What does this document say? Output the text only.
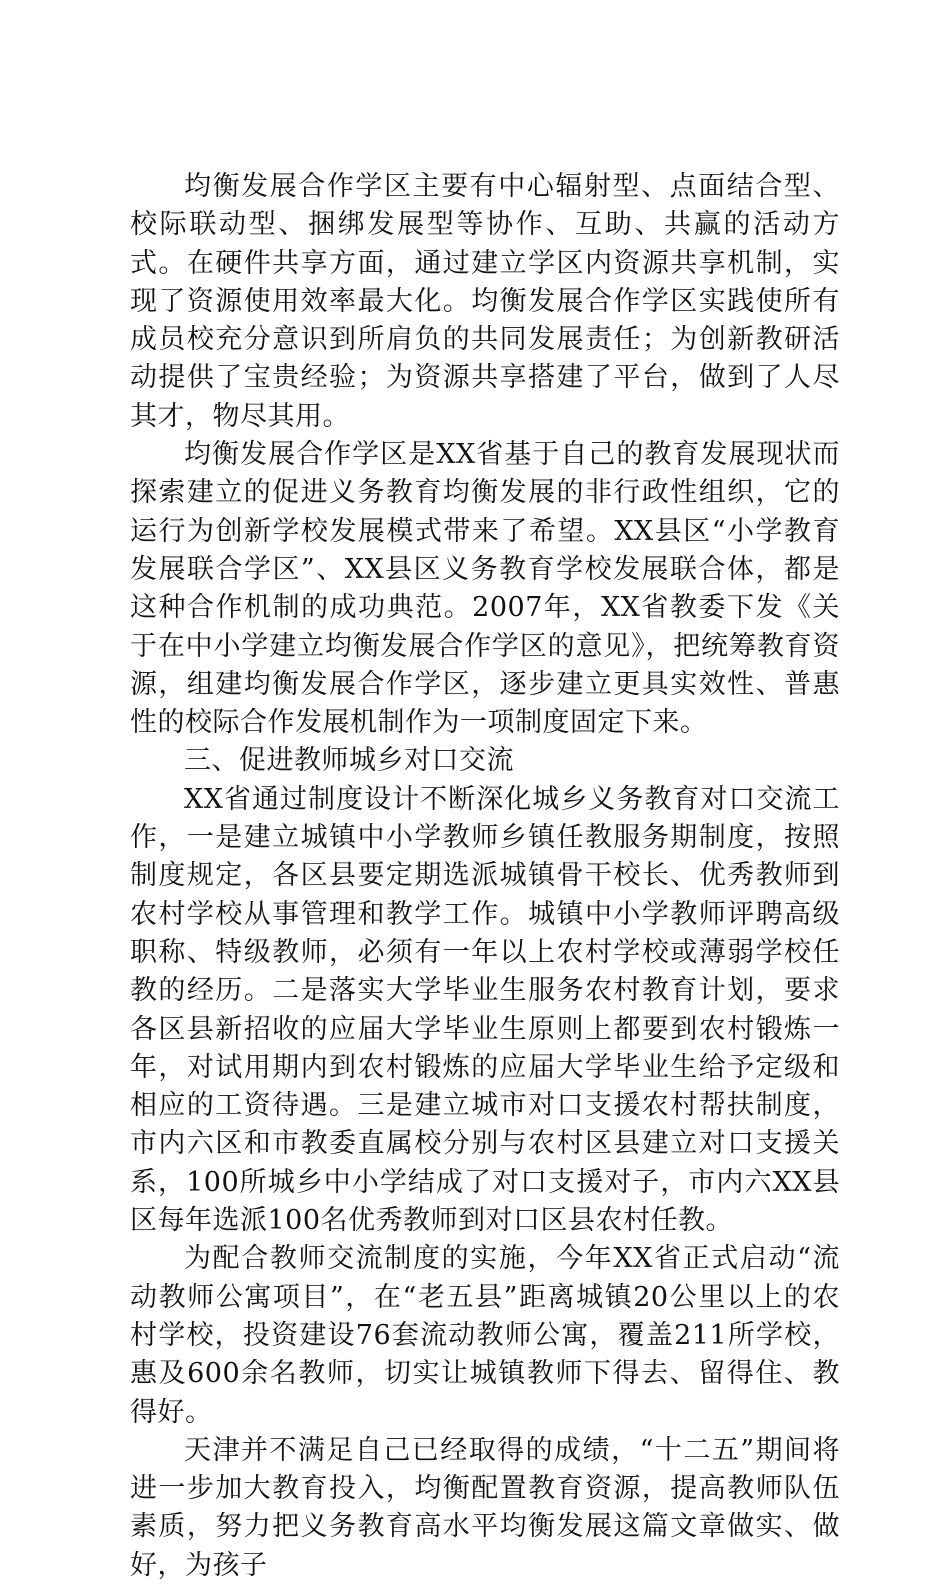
均衡发展合作学区主要有中心辐射型、点面结合型、校际联动型、捆绑发展型等协作、互助、共赢的活动方式。在硬件共享方面，通过建立学区内资源共享机制，实现了资源使用效率最大化。均衡发展合作学区实践使所有成员校充分意识到所肩负的共同发展责任；为创新教研活动提供了宝贵经验；为资源共享搭建了平台，做到了人尽其才，物尽其用。

均衡发展合作学区是XX省基于自己的教育发展现状而探索建立的促进义务教育均衡发展的非行政性组织，它的运行为创新学校发展模式带来了希望。XX县区“小学教育发展联合学区”、XX县区义务教育学校发展联合体，都是这种合作机制的成功典范。2007年，XX省教委下发《关于在中小学建立均衡发展合作学区的意见》，把统筹教育资源，组建均衡发展合作学区，逐步建立更具实效性、普惠性的校际合作发展机制作为一项制度固定下来。

三、促进教师城乡对口交流

XX省通过制度设计不断深化城乡义务教育对口交流工作，一是建立城镇中小学教师乡镇任教服务期制度，按照制度规定，各区县要定期选派城镇骨干校长、优秀教师到农村学校从事管理和教学工作。城镇中小学教师评聘高级职称、特级教师，必须有一年以上农村学校或薄弱学校任教的经历。二是落实大学毕业生服务农村教育计划，要求各区县新招收的应届大学毕业生原则上都要到农村锻炼一年，对试用期内到农村锻炼的应届大学毕业生给予定级和相应的工资待遇。三是建立城市对口支援农村帮扶制度，市内六区和市教委直属校分别与农村区县建立对口支援关系，100所城乡中小学结成了对口支援对子，市内六XX县区每年选派100名优秀教师到对口区县农村任教。

为配合教师交流制度的实施，今年XX省正式启动“流动教师公寓项目”，在“老五县”距离城镇20公里以上的农村学校，投资建设76套流动教师公寓，覆盖211所学校，惠及600余名教师，切实让城镇教师下得去、留得住、教得好。

天津并不满足自己已经取得的成绩，“十二五”期间将进一步加大教育投入，均衡配置教育资源，提高教师队伍素质，努力把义务教育高水平均衡发展这篇文章做实、做好，为孩子
